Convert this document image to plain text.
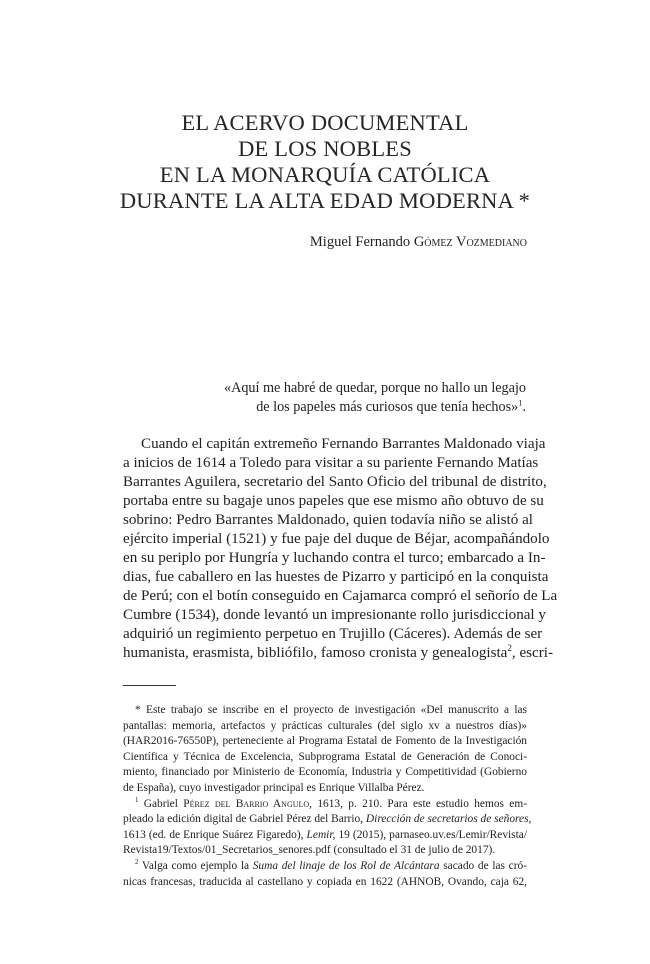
EL ACERVO DOCUMENTAL
DE LOS NOBLES
EN LA MONARQUÍA CATÓLICA
DURANTE LA ALTA EDAD MODERNA *
Miguel Fernando Gómez Vozmediano
«Aquí me habré de quedar, porque no hallo un legajo
de los papeles más curiosos que tenía hechos»$^1$.
Cuando el capitán extremeño Fernando Barrantes Maldonado viaja
a inicios de 1614 a Toledo para visitar a su pariente Fernando Matías
Barrantes Aguilera, secretario del Santo Oficio del tribunal de distrito,
portaba entre su bagaje unos papeles que ese mismo año obtuvo de su
sobrino: Pedro Barrantes Maldonado, quien todavía niño se alistó al
ejército imperial (1521) y fue paje del duque de Béjar, acompañándolo
en su periplo por Hungría y luchando contra el turco; embarcado a In-
dias, fue caballero en las huestes de Pizarro y participó en la conquista
de Perú; con el botín conseguido en Cajamarca compró el señorío de La
Cumbre (1534), donde levantó un impresionante rollo jurisdiccional y
adquirió un regimiento perpetuo en Trujillo (Cáceres). Además de ser
humanista, erasmista, bibliófilo, famoso cronista y genealogista$^2$, escri-
* Este trabajo se inscribe en el proyecto de investigación «Del manuscrito a las
pantallas: memoria, artefactos y prácticas culturales (del siglo xv a nuestros días)»
(HAR2016-76550P), perteneciente al Programa Estatal de Fomento de la Investigación
Científica y Técnica de Excelencia, Subprograma Estatal de Generación de Conoci-
miento, financiado por Ministerio de Economía, Industria y Competitividad (Gobierno
de España), cuyo investigador principal es Enrique Villalba Pérez.
$^1$ Gabriel Pérez del Barrio Angulo, 1613, p. 210. Para este estudio hemos em-
pleado la edición digital de Gabriel Pérez del Barrio, Dirección de secretarios de señores,
1613 (ed. de Enrique Suárez Figaredo), Lemir, 19 (2015), parnaseo.uv.es/Lemir/Revista/
Revista19/Textos/01_Secretarios_senores.pdf (consultado el 31 de julio de 2017).
$^2$ Valga como ejemplo la Suma del linaje de los Rol de Alcántara sacado de las cró-
nicas francesas, traducida al castellano y copiada en 1622 (AHNOB, Ovando, caja 62,
